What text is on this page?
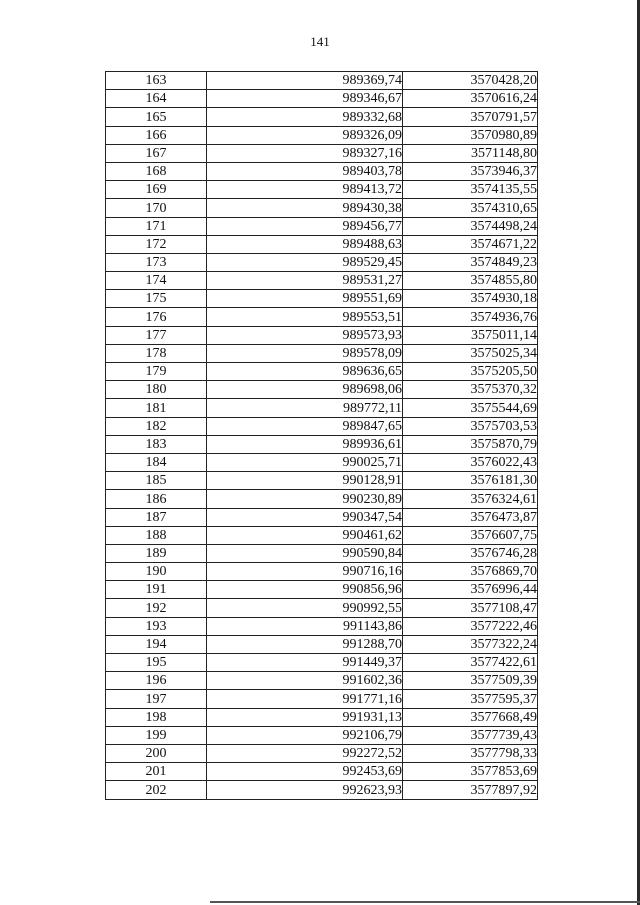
141
163	989369,74	3570428,20
164	989346,67	3570616,24
165	989332,68	3570791,57
166	989326,09	3570980,89
167	989327,16	3571148,80
168	989403,78	3573946,37
169	989413,72	3574135,55
170	989430,38	3574310,65
171	989456,77	3574498,24
172	989488,63	3574671,22
173	989529,45	3574849,23
174	989531,27	3574855,80
175	989551,69	3574930,18
176	989553,51	3574936,76
177	989573,93	3575011,14
178	989578,09	3575025,34
179	989636,65	3575205,50
180	989698,06	3575370,32
181	989772,11	3575544,69
182	989847,65	3575703,53
183	989936,61	3575870,79
184	990025,71	3576022,43
185	990128,91	3576181,30
186	990230,89	3576324,61
187	990347,54	3576473,87
188	990461,62	3576607,75
189	990590,84	3576746,28
190	990716,16	3576869,70
191	990856,96	3576996,44
192	990992,55	3577108,47
193	991143,86	3577222,46
194	991288,70	3577322,24
195	991449,37	3577422,61
196	991602,36	3577509,39
197	991771,16	3577595,37
198	991931,13	3577668,49
199	992106,79	3577739,43
200	992272,52	3577798,33
201	992453,69	3577853,69
202	992623,93	3577897,92
